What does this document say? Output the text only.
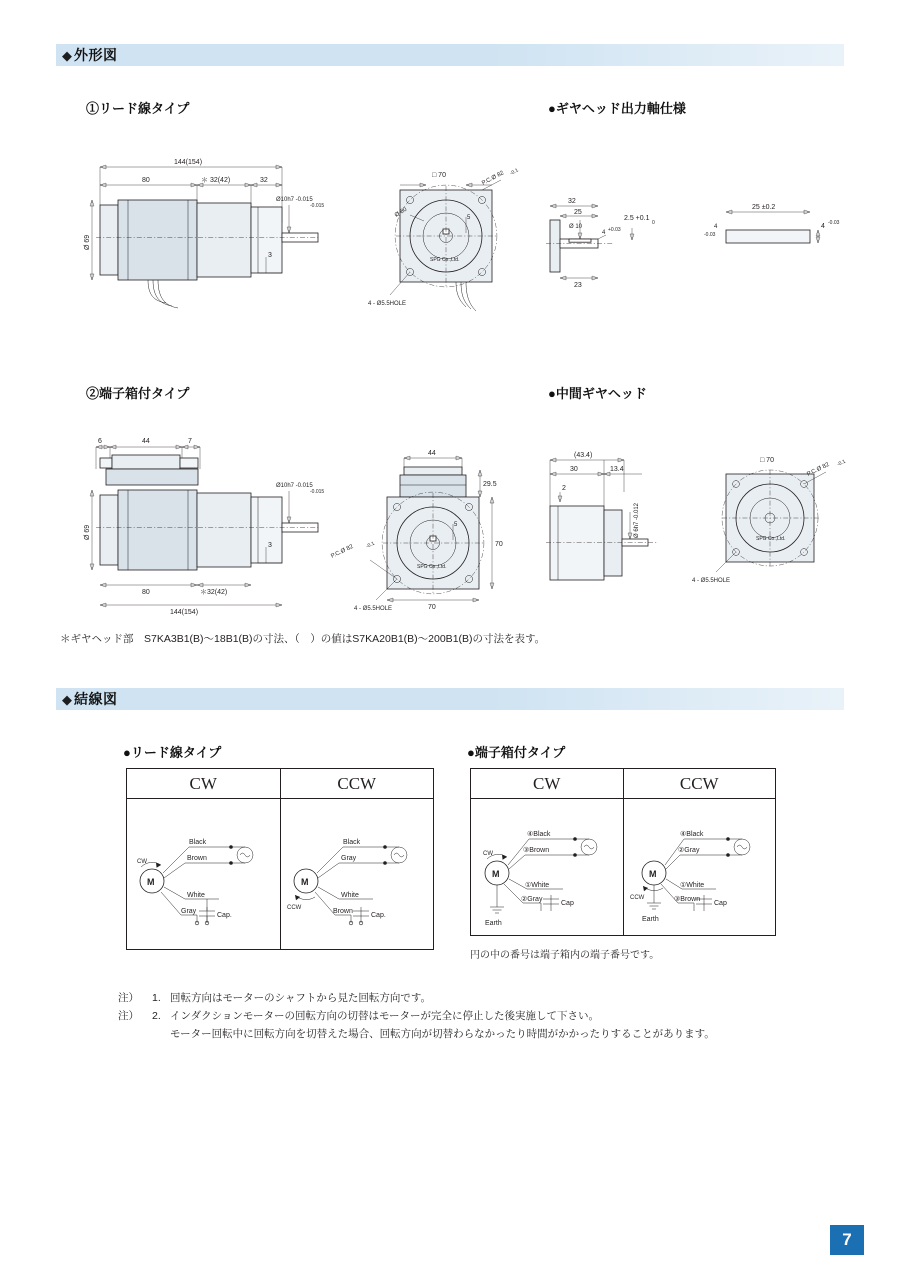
◆ 外形図
①リード線タイプ	●ギヤヘッド出力軸仕様
144(154)
80	＊ 32(42)	32
Ø10h7 -0.015
-0.015
Ø 69
3
□ 70	P.C.Ø 82 -0.1
Ø 50	5
SPG Co.,Ltd.
4 - Ø5.5HOLE
32
25
Ø 10
4 +0.03
23
2.5 +0.1
0
25 ±0.2
4 -0.03
4
-0.03
②端子箱付タイプ	●中間ギヤヘッド
6	44	7
Ø10h7 -0.015
-0.015
Ø 69
3
80	＊32(42)
144(154)
44
29.5
SPG Co.,Ltd.
5
P.C.Ø 82 -0.1
4 - Ø5.5HOLE
70
70
(43.4)
30	13.4
2
Ø 6h7 -0.012
□ 70
SPG Co.,Ltd.
P.C.Ø 82 -0.1
4 - Ø5.5HOLE
＊ギヤヘッド部　S7KA3B1(B)～18B1(B)の寸法、（　）の値はS7KA20B1(B)～200B1(B)の寸法を表す。
◆ 結線図
●リード線タイプ	●端子箱付タイプ
CW	CCW
M
CW
Black
Brown
White
Gray
Cap.
M
CCW
Black
Gray
White
Brown
Cap.
CW	CCW
M
CW
④Black
③Brown
①White
②Gray
Cap
Earth
M
CCW
④Black
②Gray
①White
③Brown
Cap
Earth
円の中の番号は端子箱内の端子番号です。
注）	1. 回転方向はモーターのシャフトから見た回転方向です。
注）	2. インダクションモーターの回転方向の切替はモーターが完全に停止した後実施して下さい。
モーター回転中に回転方向を切替えた場合、回転方向が切替わらなかったり時間がかかったりすることがあります。
7
